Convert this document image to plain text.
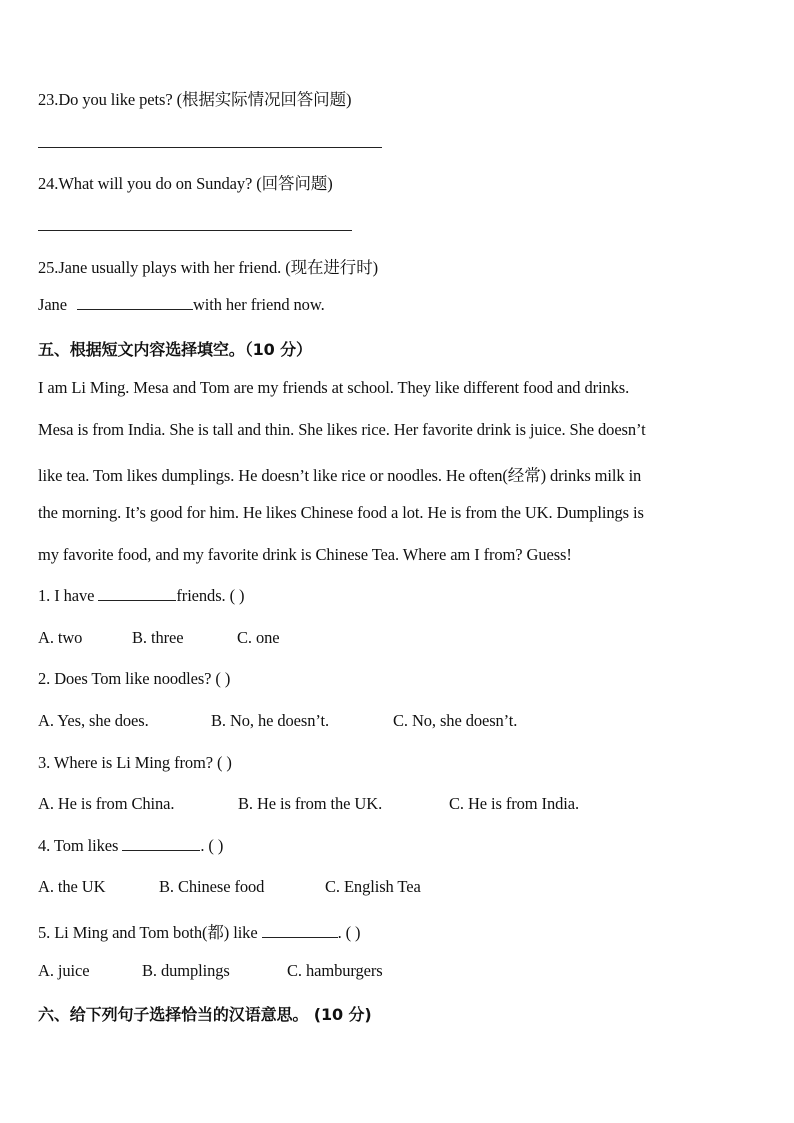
23.Do you like pets? (根据实际情况回答问题)
24.What will you do on Sunday? (回答问题)
25.Jane usually plays with her friend. (现在进行时)
Jane	with her friend now.
五、根据短文内容选择填空。（10 分）
I am Li Ming. Mesa and Tom are my friends at school. They like different food and drinks.
Mesa is from India. She is tall and thin. She likes rice. Her favorite drink is juice. She doesn’t
like tea. Tom likes dumplings. He doesn’t like rice or noodles. He often(经常) drinks milk in
the morning. It’s good for him. He likes Chinese food a lot. He is from the UK. Dumplings is
my favorite food, and my favorite drink is Chinese Tea. Where am I from? Guess!
1. I have	friends. ( )
A. two	B. three	C. one
2. Does Tom like noodles? ( )
A. Yes, she does.	B. No, he doesn’t.	C. No, she doesn’t.
3. Where is Li Ming from? ( )
A. He is from China.	B. He is from the UK.	C. He is from India.
4. Tom likes	. ( )
A. the UK	B. Chinese food	C. English Tea
5. Li Ming and Tom both(都) like	. ( )
A. juice	B. dumplings	C. hamburgers
六、给下列句子选择恰当的汉语意思。 (10 分)
